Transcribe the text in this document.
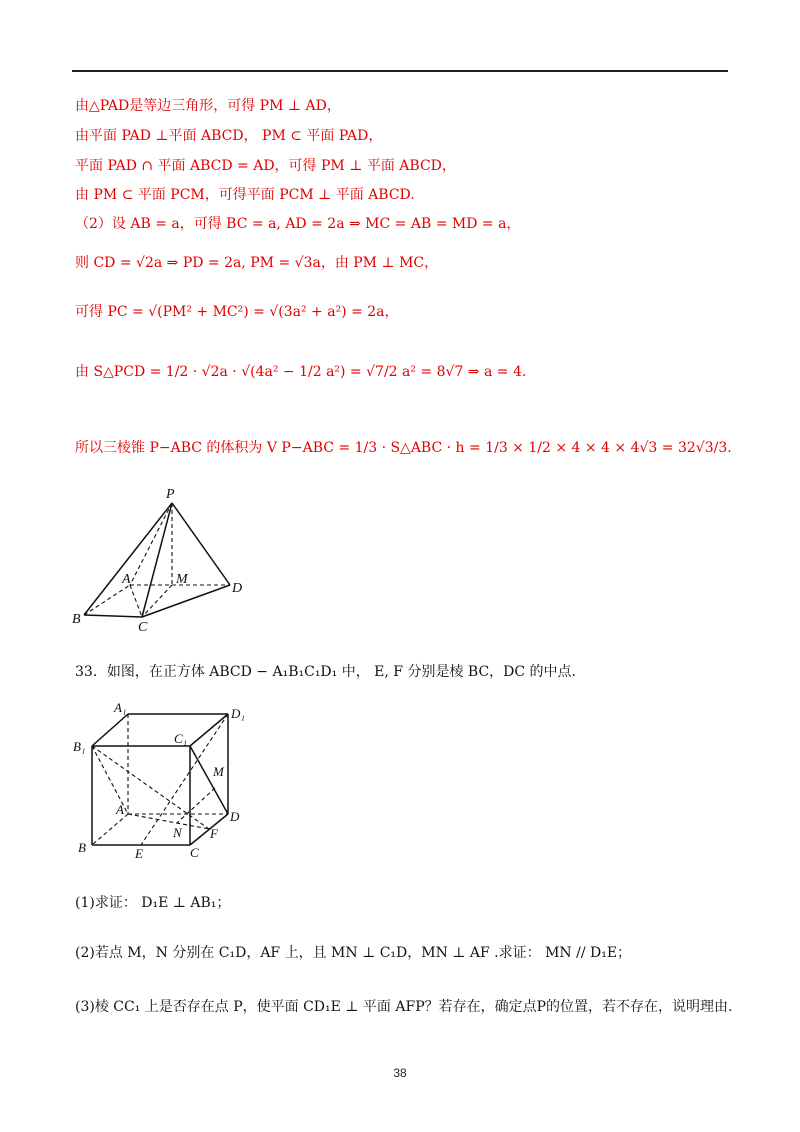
由△PAD是等边三角形，可得 PM ⊥ AD，
由平面 PAD ⊥平面 ABCD， PM ⊂ 平面 PAD，
平面 PAD ∩ 平面 ABCD = AD，可得 PM ⊥ 平面 ABCD，
由 PM ⊂ 平面 PCM，可得平面 PCM ⊥ 平面 ABCD.
（2）设 AB = a，可得 BC = a, AD = 2a ⇒ MC = AB = MD = a，
则 CD = √2a ⇒ PD = 2a, PM = √3a，由 PM ⊥ MC，
可得 PC = √(PM² + MC²) = √(3a² + a²) = 2a，
由 S△PCD = 1/2 · √2a · √(4a² − 1/2 a²) = √7/2 a² = 8√7 ⇒ a = 4.
所以三棱锥 P−ABC 的体积为 V P−ABC = 1/3 · S△ABC · h = 1/3 × 1/2 × 4 × 4 × 4√3 = 32√3/3.
P
A	M
D
B
C
33．如图，在正方体 ABCD − A₁B₁C₁D₁ 中， E, F 分别是棱 BC，DC 的中点.
A₁	D₁
B₁
C₁
M
A	D
N F
B	E	C
(1)求证： D₁E ⊥ AB₁；
(2)若点 M，N 分别在 C₁D，AF 上，且 MN ⊥ C₁D，MN ⊥ AF .求证： MN // D₁E；
(3)棱 CC₁ 上是否存在点 P，使平面 CD₁E ⊥ 平面 AFP？若存在，确定点P的位置，若不存在，说明理由.
38
